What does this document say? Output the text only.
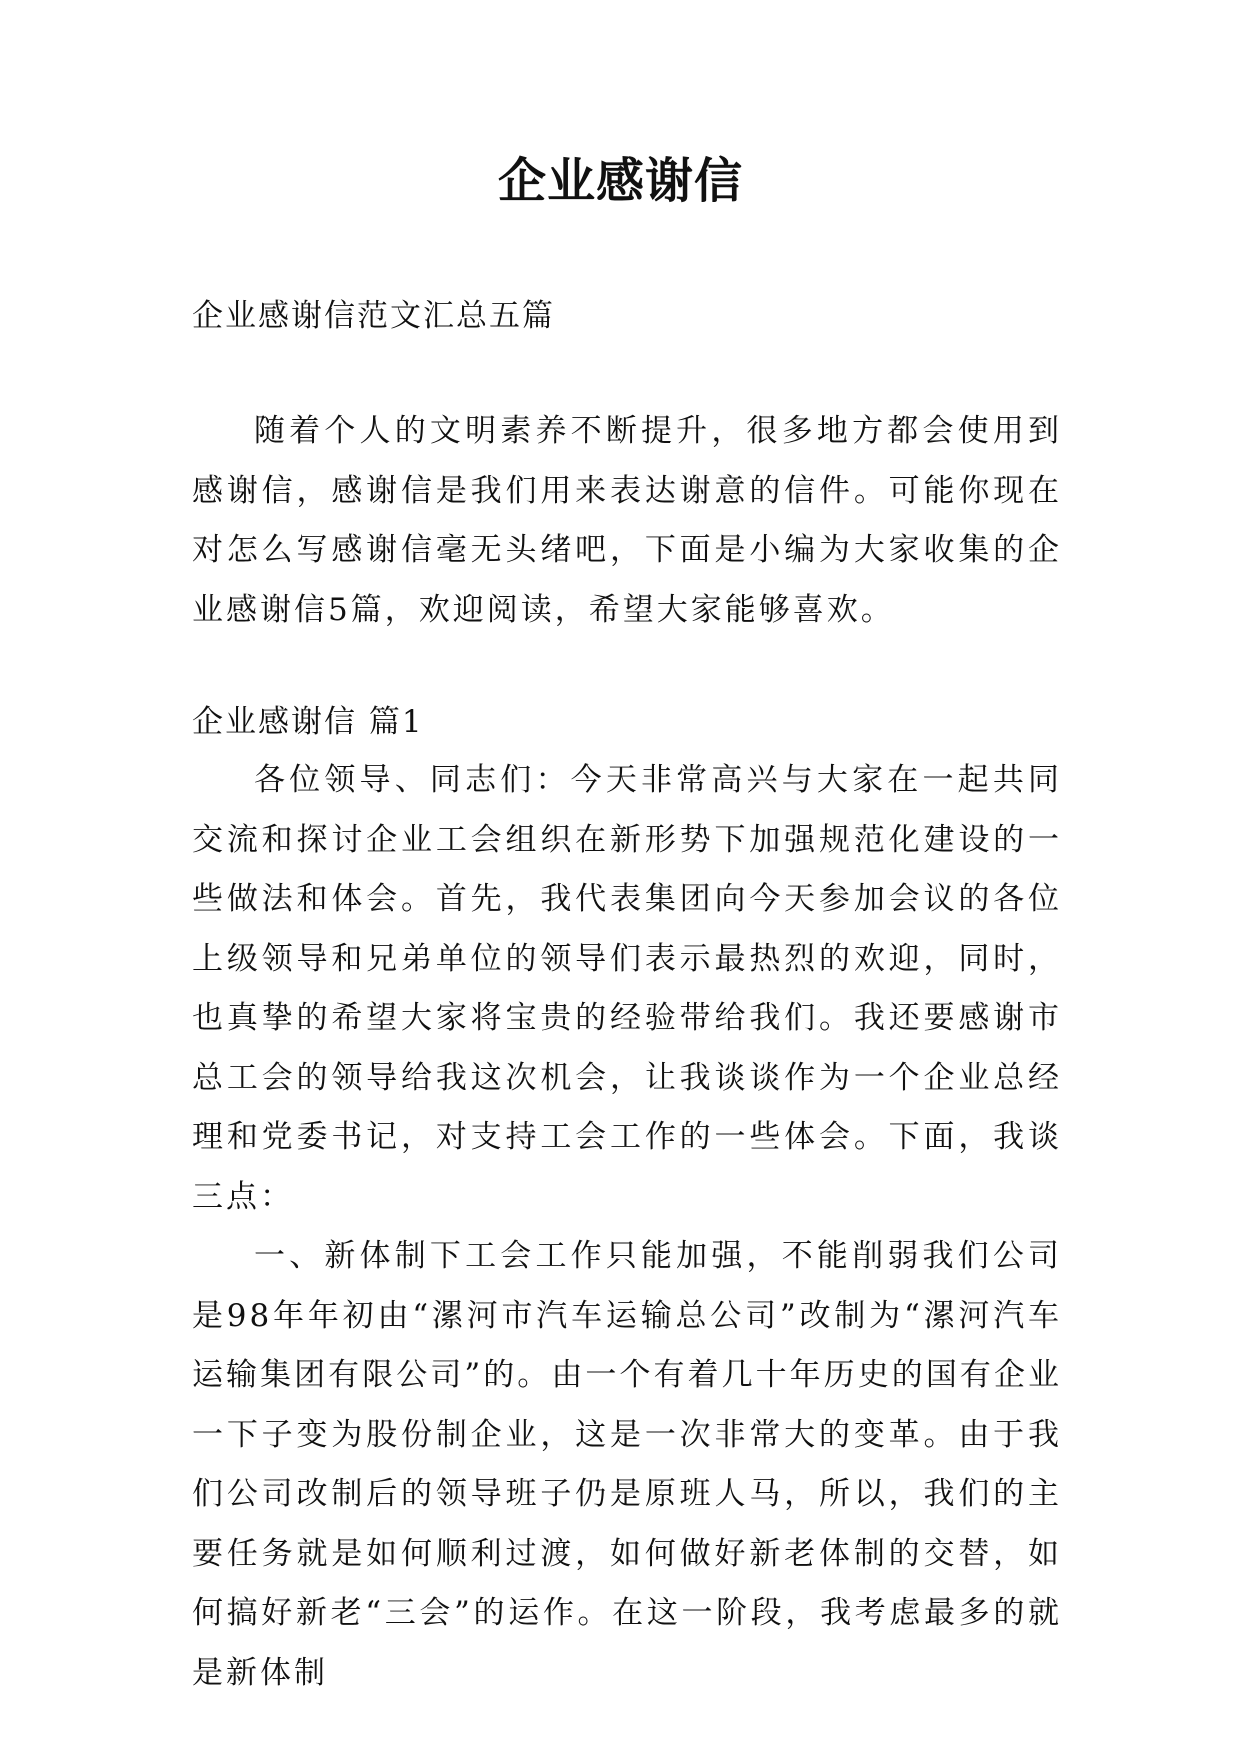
企业感谢信

企业感谢信范文汇总五篇

随着个人的文明素养不断提升，很多地方都会使用到感谢信，感谢信是我们用来表达谢意的信件。可能你现在对怎么写感谢信毫无头绪吧，下面是小编为大家收集的企业感谢信5篇，欢迎阅读，希望大家能够喜欢。

企业感谢信 篇1

各位领导、同志们：今天非常高兴与大家在一起共同交流和探讨企业工会组织在新形势下加强规范化建设的一些做法和体会。首先，我代表集团向今天参加会议的各位上级领导和兄弟单位的领导们表示最热烈的欢迎，同时，也真挚的希望大家将宝贵的经验带给我们。我还要感谢市总工会的领导给我这次机会，让我谈谈作为一个企业总经理和党委书记，对支持工会工作的一些体会。下面，我谈三点：

一、新体制下工会工作只能加强，不能削弱我们公司是98年年初由“漯河市汽车运输总公司”改制为“漯河汽车运输集团有限公司”的。由一个有着几十年历史的国有企业一下子变为股份制企业，这是一次非常大的变革。由于我们公司改制后的领导班子仍是原班人马，所以，我们的主要任务就是如何顺利过渡，如何做好新老体制的交替，如何搞好新老“三会”的运作。在这一阶段，我考虑最多的就是新体制
